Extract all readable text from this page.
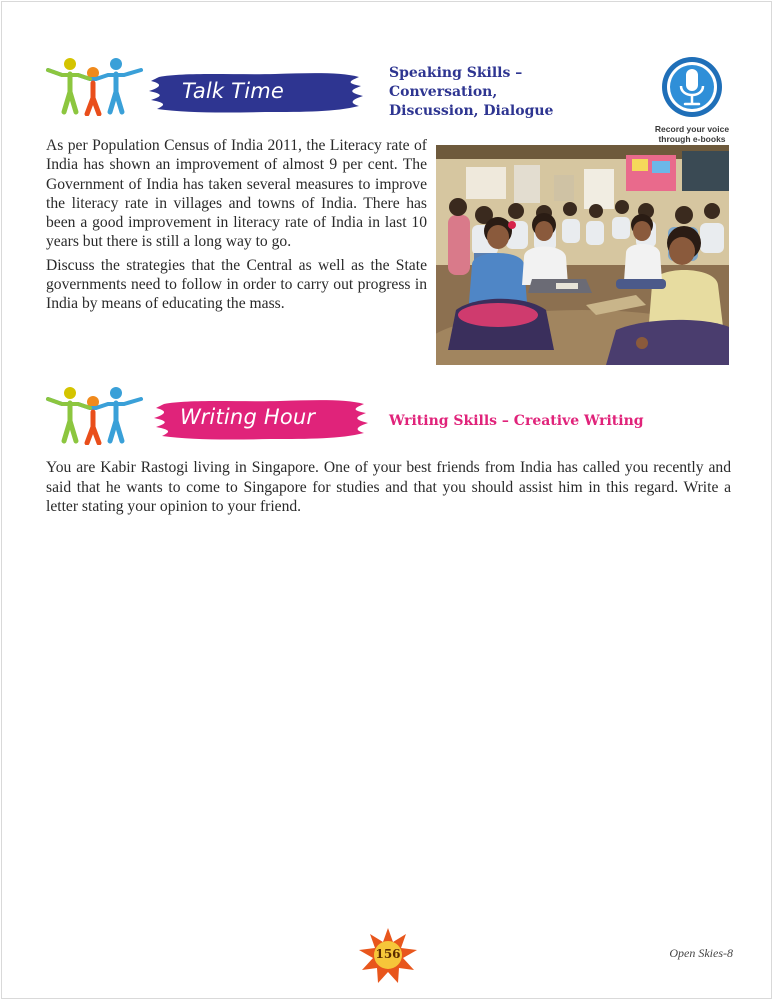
Talk Time
Speaking Skills –
Conversation,
Discussion, Dialogue
Record your voice
through e-books

As per Population Census of India 2011, the Literacy rate of India has shown an improvement of almost 9 per cent. The Government of India has taken several measures to improve the literacy rate in villages and towns of India. There has been a good improvement in literacy rate of India in last 10 years but there is still a long way to go.

Discuss the strategies that the Central as well as the State governments need to follow in order to carry out progress in India by means of educating the mass.

Writing Hour	Writing Skills – Creative Writing
You are Kabir Rastogi living in Singapore. One of your best friends from India has called you recently and said that he wants to come to Singapore for studies and that you should assist him in this regard. Write a letter stating your opinion to your friend.
156	Open Skies-8
